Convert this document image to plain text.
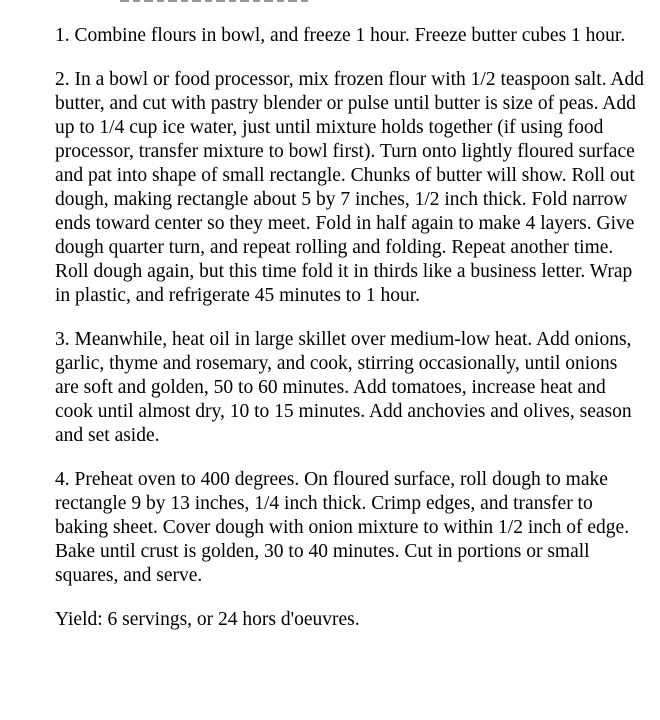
1. Combine flours in bowl, and freeze 1 hour. Freeze butter cubes 1 hour.

2. In a bowl or food processor, mix frozen flour with 1/2 teaspoon salt. Add butter, and cut with pastry blender or pulse until butter is size of peas. Add up to 1/4 cup ice water, just until mixture holds together (if using food processor, transfer mixture to bowl first). Turn onto lightly floured surface and pat into shape of small rectangle. Chunks of butter will show. Roll out dough, making rectangle about 5 by 7 inches, 1/2 inch thick. Fold narrow ends toward center so they meet. Fold in half again to make 4 layers. Give dough quarter turn, and repeat rolling and folding. Repeat another time. Roll dough again, but this time fold it in thirds like a business letter. Wrap in plastic, and refrigerate 45 minutes to 1 hour.

3. Meanwhile, heat oil in large skillet over medium-low heat. Add onions, garlic, thyme and rosemary, and cook, stirring occasionally, until onions are soft and golden, 50 to 60 minutes. Add tomatoes, increase heat and cook until almost dry, 10 to 15 minutes. Add anchovies and olives, season and set aside.

4. Preheat oven to 400 degrees. On floured surface, roll dough to make rectangle 9 by 13 inches, 1/4 inch thick. Crimp edges, and transfer to baking sheet. Cover dough with onion mixture to within 1/2 inch of edge. Bake until crust is golden, 30 to 40 minutes. Cut in portions or small squares, and serve.

Yield: 6 servings, or 24 hors d'oeuvres.
